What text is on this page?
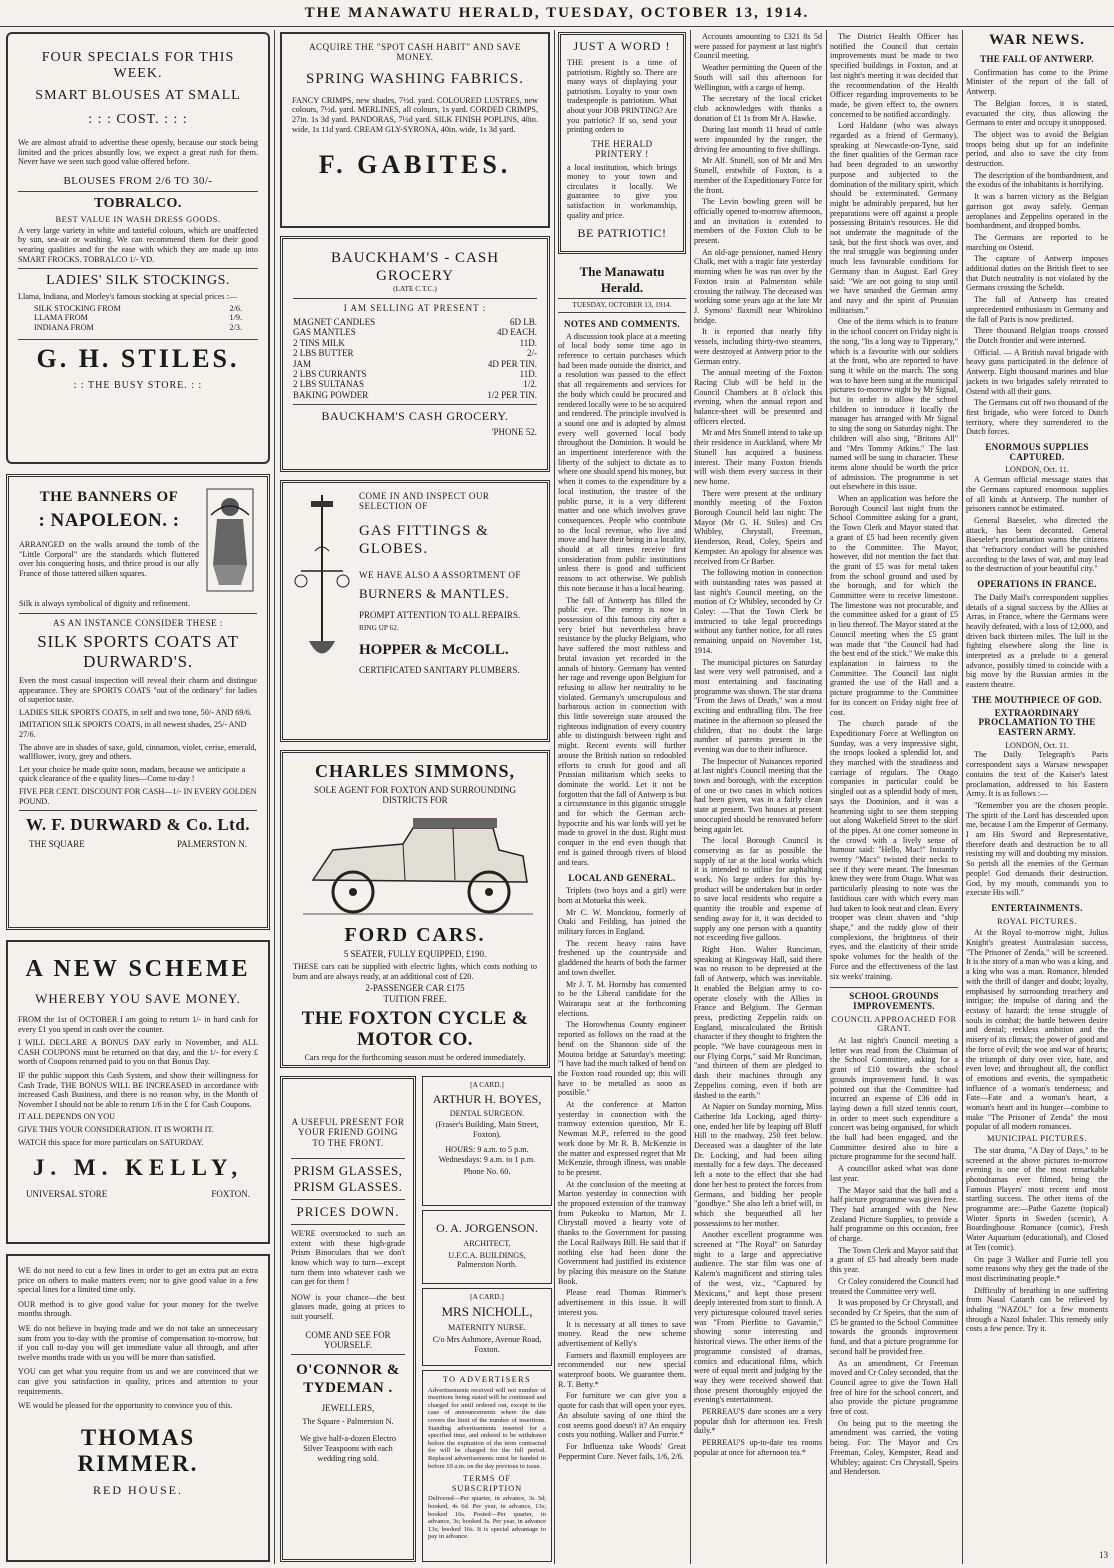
THE MANAWATU HERALD, TUESDAY, OCTOBER 13, 1914.
FOUR SPECIALS FOR THIS WEEK.
SMART BLOUSES AT SMALL
: : : COST. : : :
We are almost afraid to advertise these openly, because our stock being limited and the prices absurdly low, we expect a great rush for them. Never have we seen such good value offered before.
BLOUSES FROM 2/6 TO 30/-
TOBRALCO.
BEST VALUE IN WASH DRESS GOODS.
A very large variety in white and tasteful colours, which are unaffected by sun, sea-air or washing. We can recommend them for their good wearing qualities and for the ease with which they are made up into SMART FROCKS. TOBRALCO 1/- YD.
LADIES' SILK STOCKINGS.
Llama, Indiana, and Morley's famous stocking at special prices :—
SILK STOCKING FROM	2/6.
LLAMA FROM	1/9.
INDIANA FROM	2/3.
G. H. STILES.
: : THE BUSY STORE. : :
THE BANNERS OF
: NAPOLEON. :
ARRANGED on the walls around the tomb of the "Little Corporal" are the standards which fluttered over his conquering hosts, and thrice proud is our ally France of those tattered silken squares.
Silk is always symbolical of dignity and refinement.
AS AN INSTANCE CONSIDER THESE :
SILK SPORTS COATS AT DURWARD'S.
Even the most casual inspection will reveal their charm and distingue appearance. They are SPORTS COATS "out of the ordinary" for ladies of superior taste.
LADIES SILK SPORTS COATS, in self and two tone, 50/- AND 69/6.
IMITATION SILK SPORTS COATS, in all newest shades, 25/- AND 27/6.
The above are in shades of saxe, gold, cinnamon, violet, cerise, emerald, wallflower, ivory, grey and others.
Let your choice be made quite soon, madam, because we anticipate a quick clearance of the e quality lines—Come to-day !
FIVE PER CENT. DISCOUNT FOR CASH—1/- IN EVERY GOLDEN POUND.
W. F. DURWARD & Co. Ltd.
THE SQUARE	PALMERSTON N.
A NEW SCHEME
WHEREBY YOU SAVE MONEY.
FROM the 1st of OCTOBER I am going to return 1/- in hard cash for every £1 you spend in cash over the counter.
I WILL DECLARE A BONUS DAY early in November, and ALL CASH COUPONS must be returned on that day, and the 1/- for every £ worth of Coupons returned paid to you on that Bonus Day.
IF the public support this Cash System, and show their willingness for Cash Trade, THE BONUS WILL BE INCREASED in accordance with increased Cash Business, and there is no reason why, in the Month of November I should not be able to return 1/6 in the £ for Cash Coupons.
IT ALL DEPENDS ON YOU
GIVE THIS YOUR CONSIDERATION. IT IS WORTH IT.
WATCH this space for more particulars on SATURDAY.
J. M. KELLY,
UNIVERSAL STORE	FOXTON.
WE do not need to cut a few lines in order to get an extra put an extra price on others to make matters even; nor to give good value in a few special lines for a limited time only.
OUR method is to give good value for your money for the twelve months through.
WE do not believe in buying trade and we do not take an unnecessary sum from you to-day with the promise of compensation to-morrow, but if you call to-day you will get immediate value all through, and after twelve months trade with us you will be more than satisfied.
YOU can get what you require from us and we are convinced that we can give you satisfaction in quality, prices and attention to your requirements.
WE would be pleased for the opportunity to convince you of this.
THOMAS RIMMER.
RED HOUSE.
ACQUIRE THE "SPOT CASH HABIT" AND SAVE MONEY.
SPRING WASHING FABRICS.
FANCY CRIMPS, new shades, 7½d. yard. COLOURED LUSTRES, new colours, 7½d. yard. MERLINES, all colours, 1s yard. CORDED CRIMPS, 27in. 1s 3d yard. PANDORAS, 7½d yard. SILK FINISH POPLINS, 40in. wide, 1s 11d yard. CREAM GLY-SYRONA, 40in. wide, 1s 3d yard.
F. GABITES.
BAUCKHAM'S - CASH GROCERY
(LATE C.T.C.)
I AM SELLING AT PRESENT :
MAGNET CANDLES	6D LB.
GAS MANTLES	4D EACH.
2 TINS MILK	11D.
2 LBS BUTTER	2/-
JAM	4D PER TIN.
2 LBS CURRANTS	11D.
2 LBS SULTANAS	1/2.
BAKING POWDER	1/2 PER TIN.
BAUCKHAM'S CASH GROCERY.
'PHONE 52.
COME IN AND INSPECT OUR SELECTION OF
GAS FITTINGS & GLOBES.
WE HAVE ALSO A ASSORTMENT OF
BURNERS & MANTLES.
PROMPT ATTENTION TO ALL REPAIRS.
RING UP 62.
HOPPER & McCOLL.
CERTIFICATED SANITARY PLUMBERS.
CHARLES SIMMONS,
SOLE AGENT FOR FOXTON AND SURROUNDING DISTRICTS FOR
FORD CARS.
5 SEATER, FULLY EQUIPPED, £190.
THESE cars can be supplied with electric lights, which costs nothing to burn and are always ready, at an additional cost of £20.
2-PASSENGER CAR £175
TUITION FREE.
THE FOXTON CYCLE & MOTOR CO.
Cars requ for the forthcoming season must be ordered immediately.
A USEFUL PRESENT FOR YOUR FRIEND GOING TO THE FRONT.
PRISM GLASSES, PRISM GLASSES.
PRICES DOWN.
WE'RE overstocked to such an extent with these high-grade Prism Binoculars that we don't know which way to turn—except turn them into whatever cash we can get for them !
NOW is your chance—the best glasses made, going at prices to suit yourself.
COME AND SEE FOR YOURSELF.
O'CONNOR & TYDEMAN .
JEWELLERS,
The Square - Palmerston N.
We give half-a-dozen Electro Silver Teaspoons with each wedding ring sold.
[A CARD.]
ARTHUR H. BOYES,
DENTAL SURGEON.
(Fraser's Building, Main Street, Foxton).
HOURS: 9 a.m. to 5 p.m. Wednesdays: 9 a.m. to 1 p.m.
Phone No. 60.
O. A. JORGENSON.
ARCHITECT,
U.F.C.A. BUILDINGS, Palmerston North.
[A CARD.]
MRS NICHOLL,
MATERNITY NURSE.
C/o Mrs Ashmore, Avenue Road, Foxton.
TO ADVERTISERS
Advertisements received will not number of insertions being stated will be continued and charged for until ordered out, except in the case of announcements where the date covers the limit of the number of insertions. Standing advertisements inserted for a specified time, and ordered to be withdrawn before the expiration of the term contracted for will be charged for the full period. Replaced advertisements must be handed in before 10 a.m. on the day previous to issue.
TERMS OF SUBSCRIPTION
Delivered—Per quarter, in advance, 3s 3d; booked, 4s 6d. Per year, in advance, 13s; booked 16s. Posted—Per quarter, in advance, 3s; booked 3s. Per year, in advance 13s; booked 16s. It is special advantage to pay in advance.
JUST A WORD !
THE present is a time of patriotism. Rightly so. There are many ways of displaying your patriotism. Loyalty to your own tradespeople is patriotism. What about your JOB PRINTING? Are you patriotic? If so, send your printing orders to
THE HERALD PRINTERY !
a local institution, which brings money to your town and circulates it locally. We guarantee to give you satisfaction in workmanship, quality and price.
BE PATRIOTIC!
The Manawatu Herald.
TUESDAY, OCTOBER 13, 1914.
NOTES AND COMMENTS.

A discussion took place at a meeting of local body some time ago in reference to certain purchases which had been made outside the district, and a resolution was passed to the effect that all requirements and services for the body which could be procured and rendered locally were to be so acquired and rendered. The principle involved is a sound one and is adopted by almost every well governed local body throughout the Dominion. It would be an impertinent interference with the liberty of the subject to dictate as to where one should spend his money, but when it comes to the expenditure by a local institution, the trustee of the public purse, it is a very different matter and one which involves grave consequences. People who contribute to the local revenue, who live and move and have their being in a locality, should at all times receive first consideration from public institutions unless there is good and sufficient reasons to act otherwise. We publish this note because it has a local bearing.

The fall of Antwerp has filled the public eye. The enemy is now in possession of this famous city after a very brief but nevertheless brave resistance by the plucky Belgians, who have suffered the most ruthless and brutal invasion yet recorded in the annals of history. Germany has vented her rage and revenge upon Belgium for refusing to allow her neutrality to be violated. Germany's unscrupulous and barbarous action in connection with this little sovereign state aroused the righteous indignation of every country able to distinguish between right and might. Recent events will further arouse the British nation so redoubled efforts to crush for good and all Prussian militarism which seeks to dominate the world. Let it not be forgotten that the fall of Antwerp is but a circumstance in this gigantic struggle and for which the German arch-hypocrite and his war lords will yet be made to grovel in the dust. Right must conquer in the end even though that end is gained through rivers of blood and tears.

LOCAL AND GENERAL.

Triplets (two boys and a girl) were born at Motueka this week.

Mr C. W. Moncktou, formerly of Otaki and Feilding, has joined the military forces in England.

The recent heavy rains have freshened up the countryside and gladdened the hearts of both the farmer and town dweller.

Mr J. T. M. Hornsby has consented to be the Liberal candidate for the Wairarapa seat at the forthcoming elections.

The Horowhenua County engineer reported as follows on the road at the bend on the Shannon side of the Moutoa bridge at Saturday's meeting: "I have had the much talked of bend on the Foxton road rounded up; this will have to be metalled as soon as possible."

At the conference at Marton yesterday in connection with the tramway extension question, Mr E. Newman M.P., referred to the good work done by Mr R. B. McKenzie in the matter and expressed regret that Mr McKenzie, through illness, was unable to be present.

At the conclusion of the meeting at Marton yesterday in connection with the proposed extension of the tramway from Pukeoku to Marton, Mr J. Chrystall moved a hearty vote of thanks to the Government for passing the Local Railways Bill. He said that if nothing else had been done the Government had justified its existence by placing this measure on the Statute Book.

Please read Thomas Rimmer's advertisement in this issue. It will interest you.

It is necessary at all times to save money. Read the new scheme advertisement of Kelly's

Farmers and flaxmill employees are recommended our new special waterproof boots. We guarantee them. R. T. Betty.*

For furniture we can give you a quote for cash that will open your eyes. An absolute saving of one third the cost seems good doesn't it? An enquiry costs you nothing. Walker and Furrie.*

For Influenza take Woods' Great Peppermint Cure. Never fails, 1/6, 2/6.

Accounts amounting to £321 8s 5d were passed for payment at last night's Council meeting.

Weather permitting the Queen of the South will sail this afternoon for Wellington, with a cargo of hemp.

The secretary of the local cricket club acknowledges with thanks a donation of £1 1s from Mr A. Hawke.

During last month 11 head of cattle were impounded by the ranger, the driving fee amounting to five shillings.

Mr Alf. Stunell, son of Mr and Mrs Stunell, erstwhile of Foxton, is a member of the Expeditionary Force for the front.

The Levin bowling green will be officially opened to-morrow afternoon, and an invitation is extended to members of the Foxton Club to be present.

An old-age pensioner, named Henry Chalk, met with a tragic fate yesterday morning when he was run over by the Foxton train at Palmerston while crossing the railway. The deceased was working some years ago at the late Mr J. Symons' flaxmill near Whirokino bridge.

It is reported that nearly fifty vessels, including thirty-two steamers, were destroyed at Antwerp prior to the German entry.

The annual meeting of the Foxton Racing Club will be held in the Council Chambers at 8 o'clock this evening, when the annual report and balance-sheet will be presented and officers elected.

Mr and Mrs Stunell intend to take up their residence in Auckland, where Mr Stunell has acquired a business interest. Their many Foxton friends will wish them every success in their new home.

There were present at the ordinary monthly meeting of the Foxton Borough Council held last night: The Mayor (Mr G. H. Stiles) and Crs Whibley, Chrystall, Freeman, Henderson, Read, Coley, Speirs and Kempster. An apology for absence was received from Cr Barber.

The following motion in connection with outstanding rates was passed at last night's Council meeting, on the motion of Cr Whibley, seconded by Cr Coley: —That the Town Clerk be instructed to take legal proceedings without any further notice, for all rates remaining unpaid on November 1st, 1914.

The municipal pictures on Saturday last were very well patronised, and a most entertaining and fascinating programme was shown. The star drama "From the Jaws of Death," was a most exciting and enthralling film. The free matinee in the afternoon so pleased the children, that no doubt the large number of parents present in the evening was due to their influence.

The Inspector of Nuisances reported at last night's Council meeting that the town and borough, with the exception of one or two cases in which notices had been given, was in a fairly clean state at present. Two houses at present unoccupied should be renovated before being again let.

The local Borough Council is conserving as far as possible the supply of tar at the local works which it is intended to utilise for asphalting work. No large orders for this by-product will be undertaken but in order to save local residents who require a quantity the trouble and expense of sending away for it, it was decided to supply any one person with a quantity not exceeding five gallons.

Right Hon. Walter Runciman, speaking at Kingsway Hall, said there was no reason to be depressed at the fall of Antwerp, which was inevitable. It enabled the Belgian army to co-operate closely with the Allies in France and Belgium. The German press, predicting Zeppelin raids on England, miscalculated the British character if they thought to frighten the people. "We have courageous men in our Flying Corps," said Mr Runciman, "and thirteen of them are pledged to dash their machines through any Zeppelins coming, even if both are dashed to the earth."

At Napier on Sunday morning, Miss Catherine Ida Locking, aged thirty-one, ended her life by leaping off Bluff Hill to the roadway, 250 feet below. Deceased was a daughter of the late Dr. Locking, and had been ailing mentally for a few days. The deceased left a note to the effect that she had done her best to protect the forces from Germans, and bidding her people "goodbye." She also left a brief will, in which she bequeathed all her possessions to her mother.

Another excellent programme was screened at "The Royal" on Saturday night to a large and appreciative audience. The star film was one of Kalem's magnificent and stirring tales of the west, viz., "Captured by Mexicans," and kept those present deeply interested from start to finish. A very picturesque coloured travel series was "From Pierfitte to Gavarnie," showing some interesting and historical views. The other items of the programme consisted of dramas, comics and educational films, which were of equal merit and judging by the way they were received showed that those present thoroughly enjoyed the evening's entertainment.

PERREAU'S dare scones are a very popular dish for afternoon tea. Fresh daily.*

PERREAU'S up-to-date tea rooms popular at once for afternoon tea.*

The District Health Officer has notified the Council that certain improvements must be made to two specified buildings in Foxton, and at last night's meeting it was decided that the recommendation of the Health Officer regarding improvements to be made, be given effect to, the owners concerned to be notified accordingly.

Lord Haldane (who was always regarded as a friend of Germany), speaking at Newcastle-on-Tyne, said the finer qualities of the German race had been degraded to an unworthy purpose and subjected to the domination of the military spirit, which should be exterminated. Germany might be admirably prepared, but her preparations were off against a people possessing Britain's resources. He did not underrate the magnitude of the task, but the first shock was over, and the real struggle was beginning under much less favourable conditions for Germany than in August. Earl Grey said: "We are not going to stop until we have smashed the German army and navy and the spirit of Prussian militarism."

One of the items which is to feature in the school concert on Friday night is the song, "Its a long way to Tipperary," which is a favourite with our soldiers at the front, who are reported to have sung it while on the march. The song was to have been sung at the municipal pictures to-morrow night by Mr Signal, but in order to allow the school children to introduce it locally the manager has arranged with Mr Signal to sing the song on Saturday night. The children will also sing, "Britons All" and "Mrs Tommy Atkins." The last named will be sung in character. These items alone should be worth the price of admission. The programme is set out elsewhere in this issue.

When an application was before the Borough Council last night from the School Committee asking for a grant, the Town Clerk and Mayor stated that a grant of £5 had been recently given to the Committee. The Mayor, however, did not mention the fact that the grant of £5 was for metal taken from the school ground and used by the borough, and for which the Committee were to receive limestone. The limestone was not procurable, and the committee asked for a grant of £5 in lieu thereof. The Mayor stated at the Council meeting when the £5 grant was made that "the Council had had the best end of the stick." We make this explanation in fairness to the Committee. The Council last night granted the use of the Hall and a picture programme to the Committee for its concert on Friday night free of cost.

The church parade of the Expeditionary Force at Wellington on Sunday, was a very impressive sight, the troops looked a splendid lot, and they marched with the steadiness and carriage of regulars. The Otago companies in particular could be singled out as a splendid body of men, says the Dominion, and it was a heartening sight to see them stepping out along Wakefield Street to the skirl of the pipes. At one corner someone in the crowd with a lively sense of humour said: "Hello, Mac!" Instantly twenty "Macs" twisted their necks to see if they were meant. The Innesman knew they were from Otago. What was particularly pleasing to note was the fastidious care with which every man had taken to look neat and clean. Every trooper was clean shaven and "ship shape," and the ruddy glow of their complexions, the brightness of their eyes, and the elasticity of their stride spoke volumes for the health of the Force and the effectiveness of the last six weeks' training.

SCHOOL GROUNDS IMPROVEMENTS.
COUNCIL APPROACHED FOR GRANT.

At last night's Council meeting a letter was read from the Chairman of the School Committee, asking for a grant of £10 towards the school grounds improvement fund. It was pointed out that the Committee had incurred an expense of £36 odd in laying down a full sized tennis court, in order to meet such expenditure a concert was being organised, for which the hall had been engaged, and the Committee desired also to hire a picture programme for the second half.

A councillor asked what was done last year.

The Mayor said that the hall and a half picture programme was given free. They had arranged with the New Zealand Picture Supplies, to provide a half programme on this occasion, free of charge.

The Town Clerk and Mayor said that a grant of £5 had already been made this year.

Cr Coley considered the Council had treated the Committee very well.

It was proposed by Cr Chrystall, and seconded by Cr Speirs, that the sum of £5 be granted to the School Committee towards the grounds improvement fund, and that a picture programme for second half be provided free.

As an amendment, Cr Freeman moved and Cr Coley seconded, that the Council agree to give the Town Hall free of hire for the school concert, and also provide the picture programme free of cost.

On being put to the meeting the amendment was carried, the voting being. For: The Mayor and Crs Freeman, Coley, Kempster, Read and Whibley; against: Crs Chrystall, Speirs and Henderson.

WAR NEWS.
THE FALL OF ANTWERP.

Confirmation has come to the Prime Minister of the report of the fall of Antwerp.

The Belgian forces, it is stated, evacuated the city, thus allowing the Germans to enter and occupy it unopposed.

The object was to avoid the Belgian troops being shut up for an indefinite period, and also to save the city from destruction.

The description of the bombardment, and the exodus of the inhabitants is horrifying.

It was a barren victory as the Belgian garrison got away safely. German aeroplanes and Zeppelins operated in the bombardment, and dropped bombs.

The Germans are reported to be marching on Ostend.

The capture of Antwerp imposes additional duties on the British fleet to see that Dutch neutrality is not violated by the Germans crossing the Scheldt.

The fall of Antwerp has created unprecedented enthusiasm in Germany and the fall of Paris is now predicted.

Three thousand Belgian troops crossed the Dutch frontier and were interned.

Official. — A British naval brigade with heavy guns participated in the defence of Antwerp. Eight thousand marines and blue jackets in two brigades safely retreated to Ostend with all their guns.

The Germans cut off two thousand of the first brigade, who were forced to Dutch territory, where they surrendered to the Dutch forces.

ENORMOUS SUPPLIES CAPTURED.
LONDON, Oct. 11.

A German official message states that the Germans captured enormous supplies of all kinds at Antwerp. The number of prisoners cannot be estimated.

General Baeseler, who directed the attack, has been decorated. General Baeseler's proclamation warns the citizens that "refractory conduct will be punished according to the laws of war, and may lead to the destruction of your beautiful city."

OPERATIONS IN FRANCE.

The Daily Mail's correspondent supplies details of a signal success by the Allies at Arras, in France, where the Germans were heavily defeated, with a loss of 12,000, and driven back thirteen miles. The lull in the fighting elsewhere along the line is interpreted as a prelude to a general advance, possibly timed to coincide with a big move by the Russian armies in the eastern theatre.

THE MOUTHPIECE OF GOD.
EXTRAORDINARY PROCLAMATION TO THE EASTERN ARMY.
LONDON, Oct. 11.

The Daily Telegraph's Paris correspondent says a Warsaw newspaper contains the text of the Kaiser's latest proclamation, addressed to his Eastern Army. It is as follows :—

"Remember you are the chosen people. The spirit of the Lord has descended upon me, because I am the Emperor of Germany. I am His Sword and Representative, therefore death and destruction be to all resisting my will and doubting my mission. So perish all the enemies of the German people! God demands their destruction. God, by my mouth, commands you to execute His will."

ENTERTAINMENTS.
ROYAL PICTURES.

At the Royal to-morrow night, Julius Knight's greatest Australasian success, "The Prisoner of Zenda," will be screened. It is the story of a man who was a king, and a king who was a man. Romance, blended with the thrill of danger and doubt; loyalty, emphasised by surrounding treachery and intrigue; the impulse of daring and the ecstasy of hazard; the tense struggle of souls in combat; the battle between desire and denial; reckless ambition and the misery of its climax; the power of good and the force of evil; the woe and war of hearts; the triumph of duty over vice, hate, and even love; and throughout all, the conflict of emotions and events, the sympathetic influence of a woman's tenderness; and Fate—Fate and a woman's heart, a woman's heart and its hunger—combine to make "The Prisoner of Zenda" the most popular of all modern romances.

MUNICIPAL PICTURES.

The star drama, "A Day of Days," to be screened at the above pictures to-morrow evening is one of the most remarkable photodramas ever filmed, being the Famous Players' most recent and most startling success. The other items of the programme are:—Pathe Gazette (topical) Winter Sports in Sweden (scenic), A Boardinghouse Romance (comic), Fresh Water Aquarium (educational), and Closed at Ten (comic).

On page 3 Walker and Furrie tell you some reasons why they get the trade of the most discriminating people.*

Difficulty of breathing in one suffering from Nasal Catarrh can be relieved by inhaling "NAZOL" for a few moments through a Nazol Inhaler. This remedy only costs a few pence. Try it.

13
